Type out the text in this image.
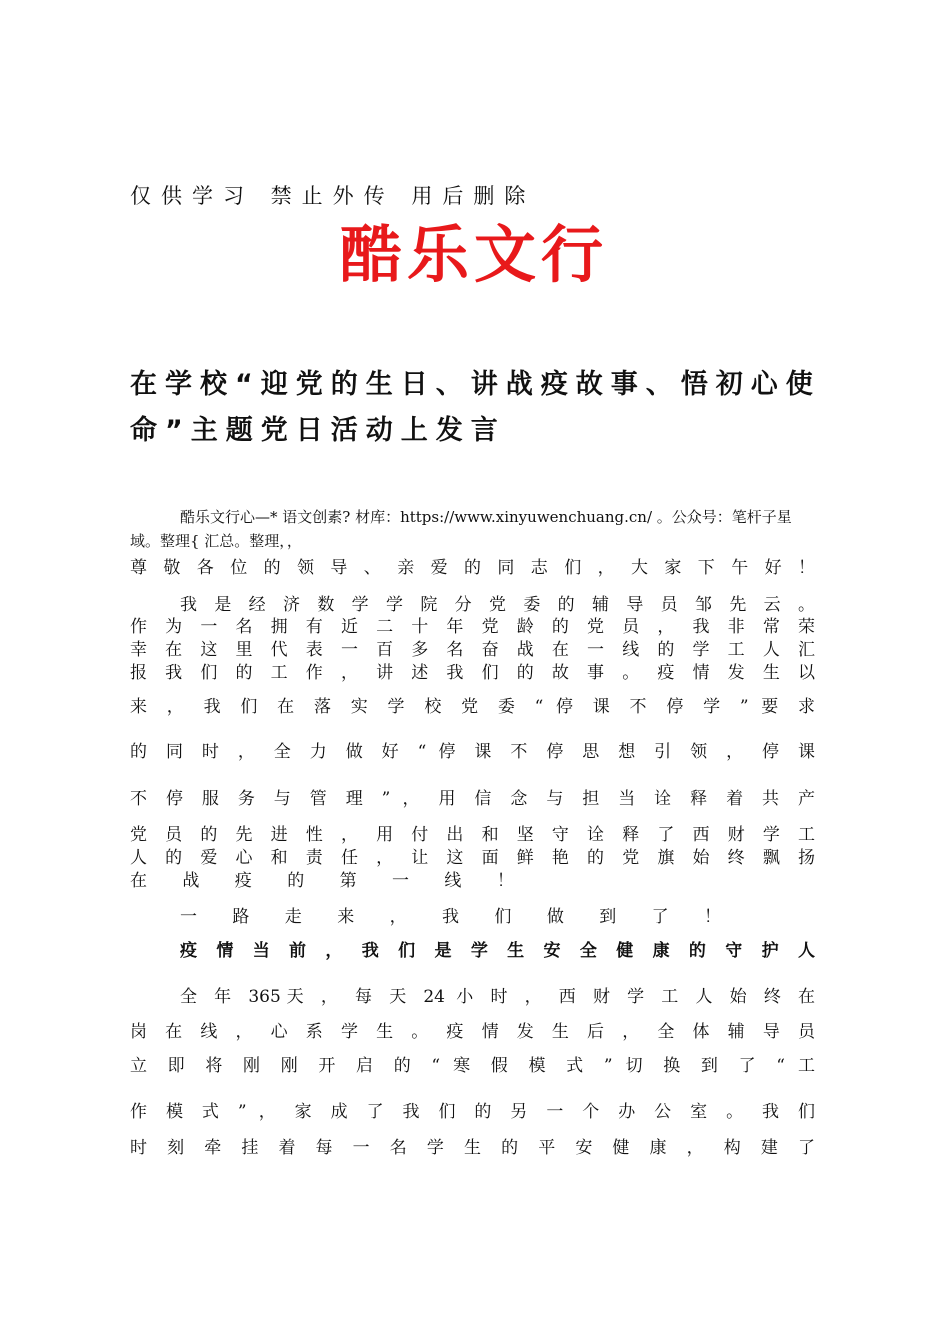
仅供学习 禁止外传 用后删除
酷乐文行
在学校“迎党的生日、讲战疫故事、悟初心使
命”主题党日活动上发言
酷乐文行心—* 语文创素? 材库：https://www.xinyuwenchuang.cn/ 。公众号：笔杆子星
域。整理{ 汇总。整理，，
尊 敬 各 位 的 领 导 、 亲 爱 的 同 志 们 ， 大 家 下 午 好 ！
我 是 经 济 数 学 学 院 分 党 委 的 辅 导 员 邹 先 云 。
作 为 一 名 拥 有 近 二 十 年 党 龄 的 党 员 ， 我 非 常 荣
幸 在 这 里 代 表 一 百 多 名 奋 战 在 一 线 的 学 工 人 汇
报 我 们 的 工 作 ， 讲 述 我 们 的 故 事 。 疫 情 发 生 以
来 ， 我 们 在 落 实 学 校 党 委 “ 停 课 不 停 学 ” 要 求
的 同 时 ， 全 力 做 好 “ 停 课 不 停 思 想 引 领 ， 停 课
不 停 服 务 与 管 理 ” ， 用 信 念 与 担 当 诠 释 着 共 产
党 员 的 先 进 性 ， 用 付 出 和 坚 守 诠 释 了 西 财 学 工
人 的 爱 心 和 责 任 ， 让 这 面 鲜 艳 的 党 旗 始 终 飘 扬
在 战 疫 的 第 一 线 ！
一 路 走 来 ， 我 们 做 到 了 ！
疫 情 当 前 ， 我 们 是 学 生 安 全 健 康 的 守 护 人
全 年 365天 ， 每 天 24 小 时 ， 西 财 学 工 人 始 终 在
岗 在 线 ， 心 系 学 生 。 疫 情 发 生 后 ， 全 体 辅 导 员
立 即 将 刚 刚 开 启 的 “ 寒 假 模 式 ” 切 换 到 了 “ 工
作 模 式 ” ， 家 成 了 我 们 的 另 一 个 办 公 室 。 我 们
时 刻 牵 挂 着 每 一 名 学 生 的 平 安 健 康 ， 构 建 了
